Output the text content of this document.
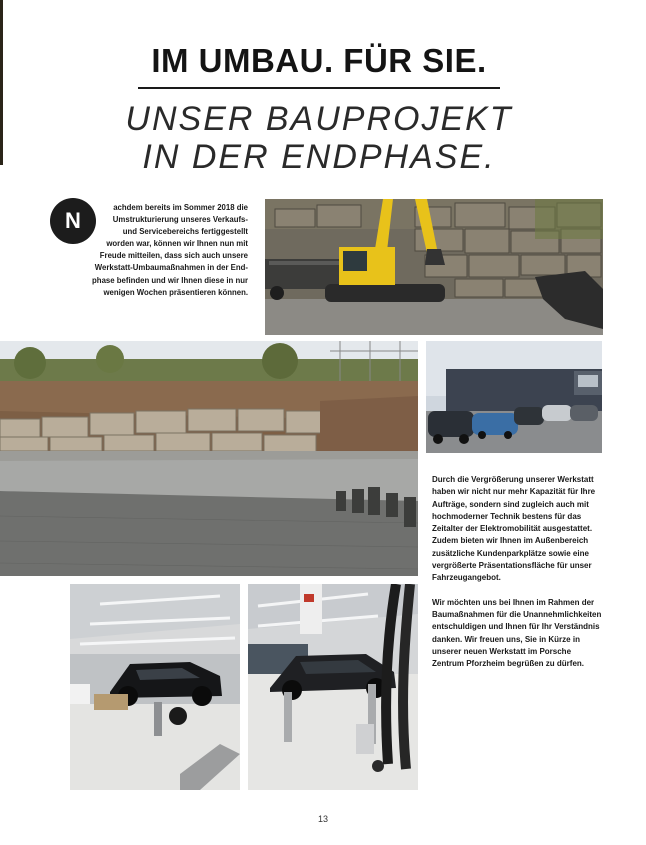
IM UMBAU. FÜR SIE.
UNSER BAUPROJEKT
IN DER ENDPHASE.

achdem bereits im Sommer 2018 die

Umstrukturierung unseres Verkaufs-

und Servicebereichs fertiggestellt

worden war, können wir Ihnen nun mit

Freude mitteilen, dass sich auch unsere

Werkstatt-Umbaumaßnahmen in der End-

phase befinden und wir Ihnen diese in nur

wenigen Wochen präsentieren können.

N

Durch die Vergrößerung unserer Werkstatt haben wir nicht nur mehr Kapazität für Ihre Aufträge, sondern sind zugleich auch mit hochmoderner Technik bestens für das Zeitalter der Elektromobilität ausgestattet. Zudem bieten wir Ihnen im Außenbereich zusätzliche Kundenparkplätze sowie eine vergrößerte Präsentationsfläche für unser Fahrzeugangebot.

Wir möchten uns bei Ihnen im Rahmen der Baumaßnahmen für die Unannehmlichkeiten entschuldigen und Ihnen für Ihr Verständnis danken. Wir freuen uns, Sie in Kürze in unserer neuen Werkstatt im Porsche Zentrum Pforzheim begrüßen zu dürfen.

13
